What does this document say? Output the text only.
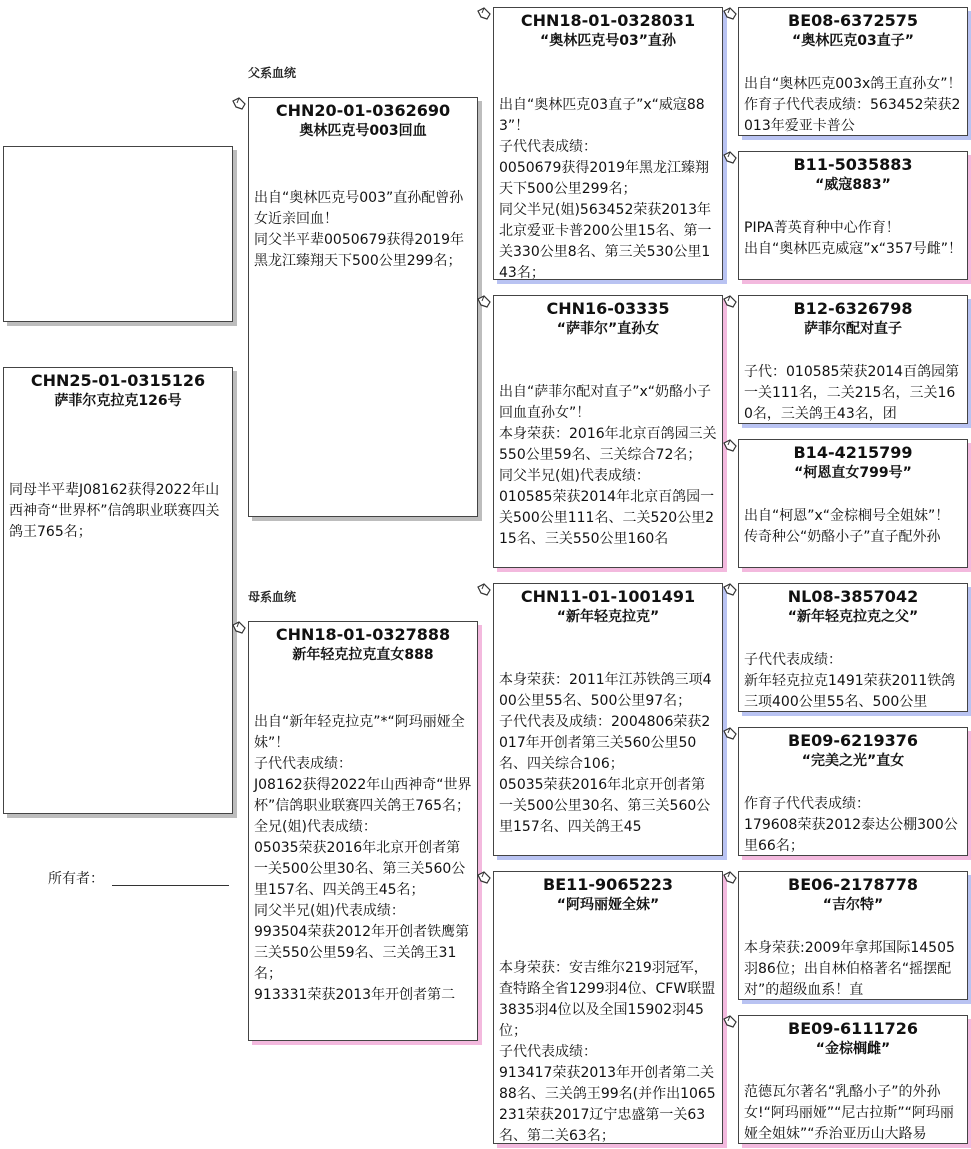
父系血统
母系血统
CHN25-01-0315126
萨菲尔克拉克126号
同母半平辈J08162获得2022年山西神奇“世界杯”信鸽职业联赛四关鸽王765名；
所有者：
CHN20-01-0362690
奥林匹克号003回血
出自“奥林匹克号003”直孙配曾孙女近亲回血！
同父半平辈0050679获得2019年黑龙江臻翔天下500公里299名；
CHN18-01-0327888
新年轻克拉克直女888
出自“新年轻克拉克”*“阿玛丽娅全妹”！
子代代表成绩：
J08162获得2022年山西神奇“世界杯”信鸽职业联赛四关鸽王765名；
全兄(姐)代表成绩：
05035荣获2016年北京开创者第一关500公里30名、第三关560公里157名、四关鸽王45名；
同父半兄(姐)代表成绩：
993504荣获2012年开创者铁鹰第三关550公里59名、三关鸽王31名；
913331荣获2013年开创者第二
CHN18-01-0328031
“奥林匹克号03”直孙
出自“奥林匹克03直子”x“威寇883”！
子代代表成绩：
0050679获得2019年黑龙江臻翔天下500公里299名；
同父半兄(姐)563452荣获2013年北京爱亚卡普200公里15名、第一关330公里8名、第三关530公里143名；
CHN16-03335
“萨菲尔”直孙女
出自“萨菲尔配对直子”x“奶酪小子回血直孙女”！
本身荣获：2016年北京百鸽园三关550公里59名、三关综合72名；
同父半兄(姐)代表成绩：
010585荣获2014年北京百鸽园一关500公里111名、二关520公里215名、三关550公里160名
CHN11-01-1001491
“新年轻克拉克”
本身荣获：2011年江苏铁鸽三项400公里55名、500公里97名；
子代代表及成绩：2004806荣获2017年开创者第三关560公里50名、四关综合106；
05035荣获2016年北京开创者第一关500公里30名、第三关560公里157名、四关鸽王45
BE11-9065223
“阿玛丽娅全妹”
本身荣获：安吉维尔219羽冠军，查特路全省1299羽4位、CFW联盟3835羽4位以及全国15902羽45位；
子代代表成绩：
913417荣获2013年开创者第二关88名、三关鸽王99名(并作出1065231荣获2017辽宁忠盛第一关63名、第二关63名；
BE08-6372575
“奥林匹克03直子”
出自“奥林匹克003x鸽王直孙女”！作育子代代表成绩：563452荣获2013年爱亚卡普公
B11-5035883
“威寇883”
PIPA菁英育种中心作育！
出自“奥林匹克威寇”x“357号雌”！
B12-6326798
萨菲尔配对直子
子代：010585荣获2014百鸽园第一关111名，二关215名，三关160名，三关鸽王43名，团
B14-4215799
“柯恩直女799号”
出自“柯恩”x“金棕榈号全姐妹”！
传奇种公“奶酪小子”直子配外孙
NL08-3857042
“新年轻克拉克之父”
子代代表成绩：
新年轻克拉克1491荣获2011铁鸽三项400公里55名、500公里
BE09-6219376
“完美之光”直女
作育子代代表成绩：
179608荣获2012泰达公棚300公里66名；
BE06-2178778
“吉尔特”
本身荣获:2009年拿邦国际14505羽86位；出自林伯格著名“摇摆配对”的超级血系！直
BE09-6111726
“金棕榈雌”
范德瓦尔著名“乳酪小子”的外孙女!“阿玛丽娅”“尼古拉斯”“阿玛丽娅全姐妹”“乔治亚历山大路易
